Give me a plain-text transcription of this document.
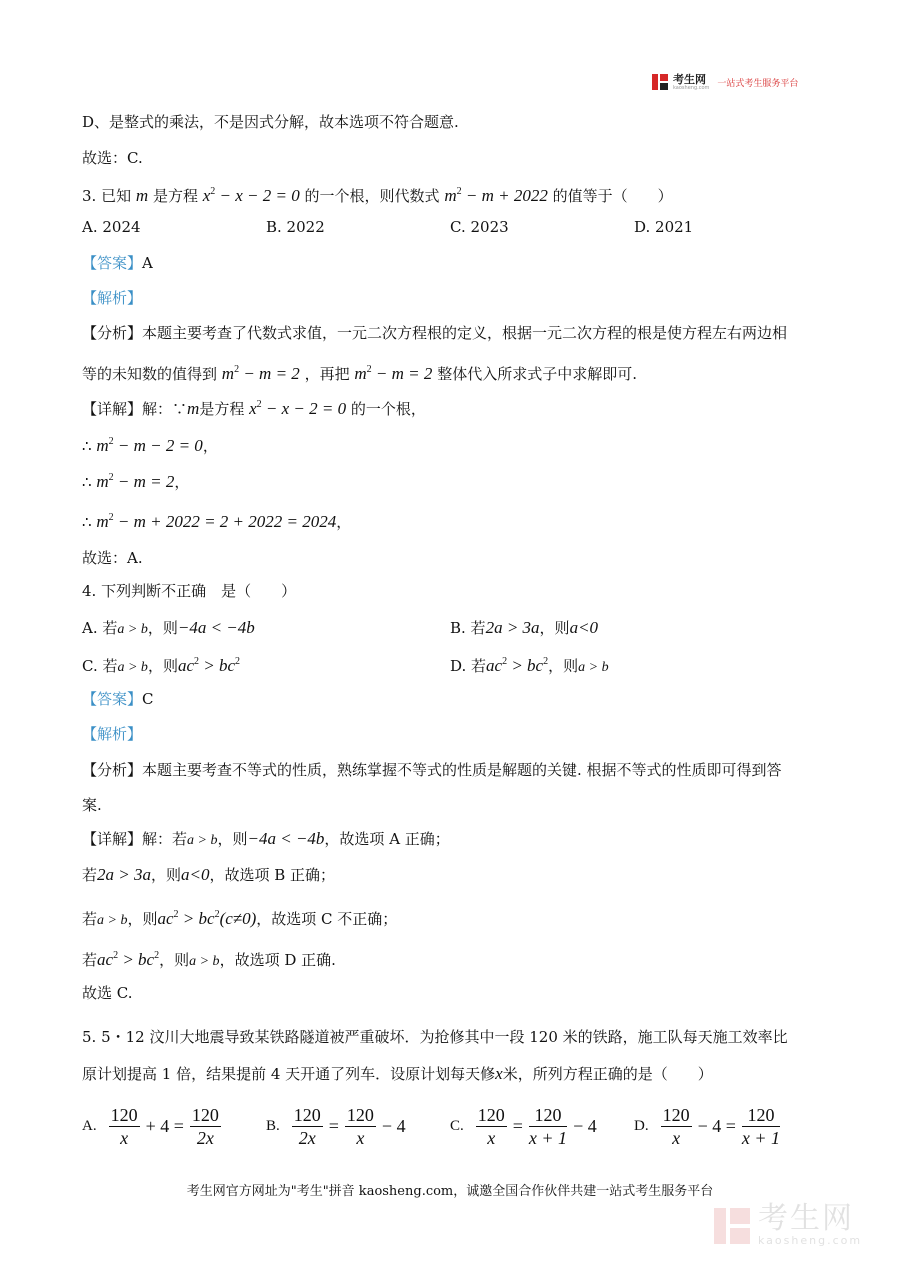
考生网
kaosheng.com 一站式考生服务平台
D、是整式的乘法，不是因式分解，故本选项不符合题意.
故选：C.
3. 已知 m 是方程 $x^2 - x - 2 = 0$ 的一个根，则代数式 $m^2 - m + 2022$ 的值等于（　　）
A. 2024	B. 2022	C. 2023	D. 2021
【答案】A
【解析】
【分析】本题主要考查了代数式求值，一元二次方程根的定义，根据一元二次方程的根是使方程左右两边相
等的未知数的值得到 $m^2 - m = 2$ ，再把 $m^2 - m = 2$ 整体代入所求式子中求解即可.
【详解】解：∵m是方程 $x^2 - x - 2 = 0$ 的一个根，
∴ $m^2 - m - 2 = 0$，
∴ $m^2 - m = 2$，
∴ $m^2 - m + 2022 = 2 + 2022 = 2024$，
故选：A.
4. 下列判断不正确　是（　　）
A. 若a > b，则−4a < −4b	B. 若2a > 3a，则a<0
C. 若a > b，则$ac^2 > bc^2$	D. 若$ac^2 > bc^2$，则a > b
【答案】C
【解析】
【分析】本题主要考查不等式的性质，熟练掌握不等式的性质是解题的关键. 根据不等式的性质即可得到答
案.
【详解】解：若a > b，则−4a < −4b，故选项 A 正确；
若2a > 3a，则a<0，故选项 B 正确；
若a > b，则$ac^2 > bc^2(c\ne 0)$，故选项 C 不正确；
若$ac^2 > bc^2$，则a > b，故选项 D 正确.
故选 C.
5. 5・12 汶川大地震导致某铁路隧道被严重破坏．为抢修其中一段 120 米的铁路，施工队每天施工效率比
原计划提高 1 倍，结果提前 4 天开通了列车．设原计划每天修x米，所列方程正确的是（　　）
A. $\frac{120}{x} + 4 = \frac{120}{2x}$	B. $\frac{120}{2x} = \frac{120}{x} - 4$	C. $\frac{120}{x} = \frac{120}{x + 1} - 4$ D. $\frac{120}{x} - 4 = \frac{120}{x + 1}$
考生网官方网址为"考生"拼音 kaosheng.com，诚邀全国合作伙伴共建一站式考生服务平台
考生网
kaosheng.com
